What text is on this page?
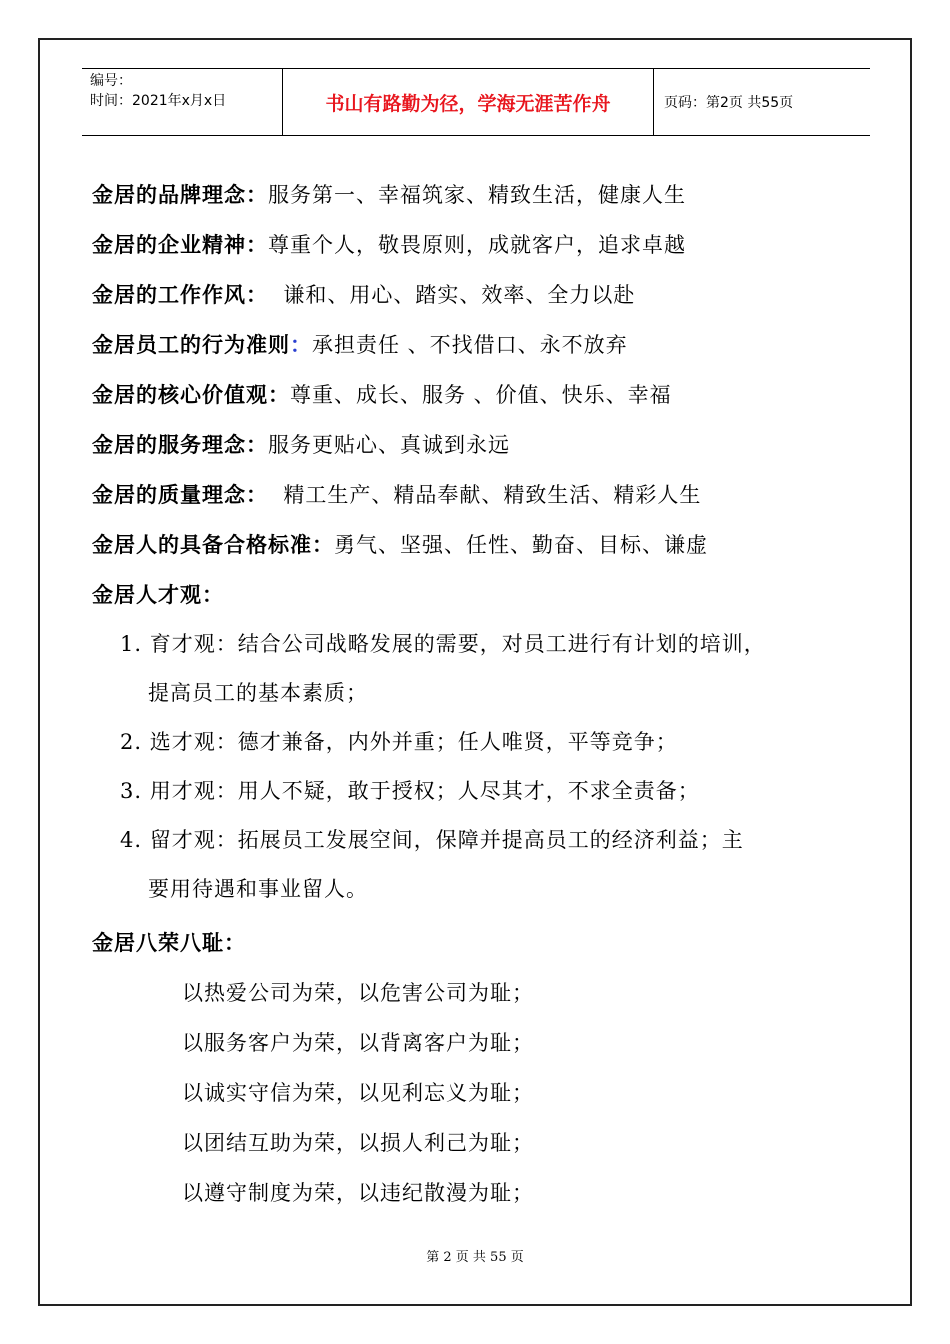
编号：
时间：2021年x月x日	书山有路勤为径，学海无涯苦作舟	页码：第2页 共55页
金居的品牌理念：服务第一、幸福筑家、精致生活，健康人生
金居的企业精神：尊重个人，敬畏原则，成就客户，追求卓越
金居的工作作风：  谦和、用心、踏实、效率、全力以赴
金居员工的行为准则：承担责任 、不找借口、永不放弃
金居的核心价值观：尊重、成长、服务 、价值、快乐、幸福
金居的服务理念：服务更贴心、真诚到永远
金居的质量理念：  精工生产、精品奉献、精致生活、精彩人生
金居人的具备合格标准：勇气、坚强、任性、勤奋、目标、谦虚
金居人才观：
1. 育才观：结合公司战略发展的需要，对员工进行有计划的培训，
提高员工的基本素质；
2. 选才观：德才兼备，内外并重；任人唯贤，平等竞争；
3. 用才观：用人不疑，敢于授权；人尽其才，不求全责备；
4. 留才观：拓展员工发展空间，保障并提高员工的经济利益；主
要用待遇和事业留人。
金居八荣八耻：
以热爱公司为荣，以危害公司为耻；
以服务客户为荣，以背离客户为耻；
以诚实守信为荣，以见利忘义为耻；
以团结互助为荣，以损人利己为耻；
以遵守制度为荣，以违纪散漫为耻；
第 2 页 共 55 页
